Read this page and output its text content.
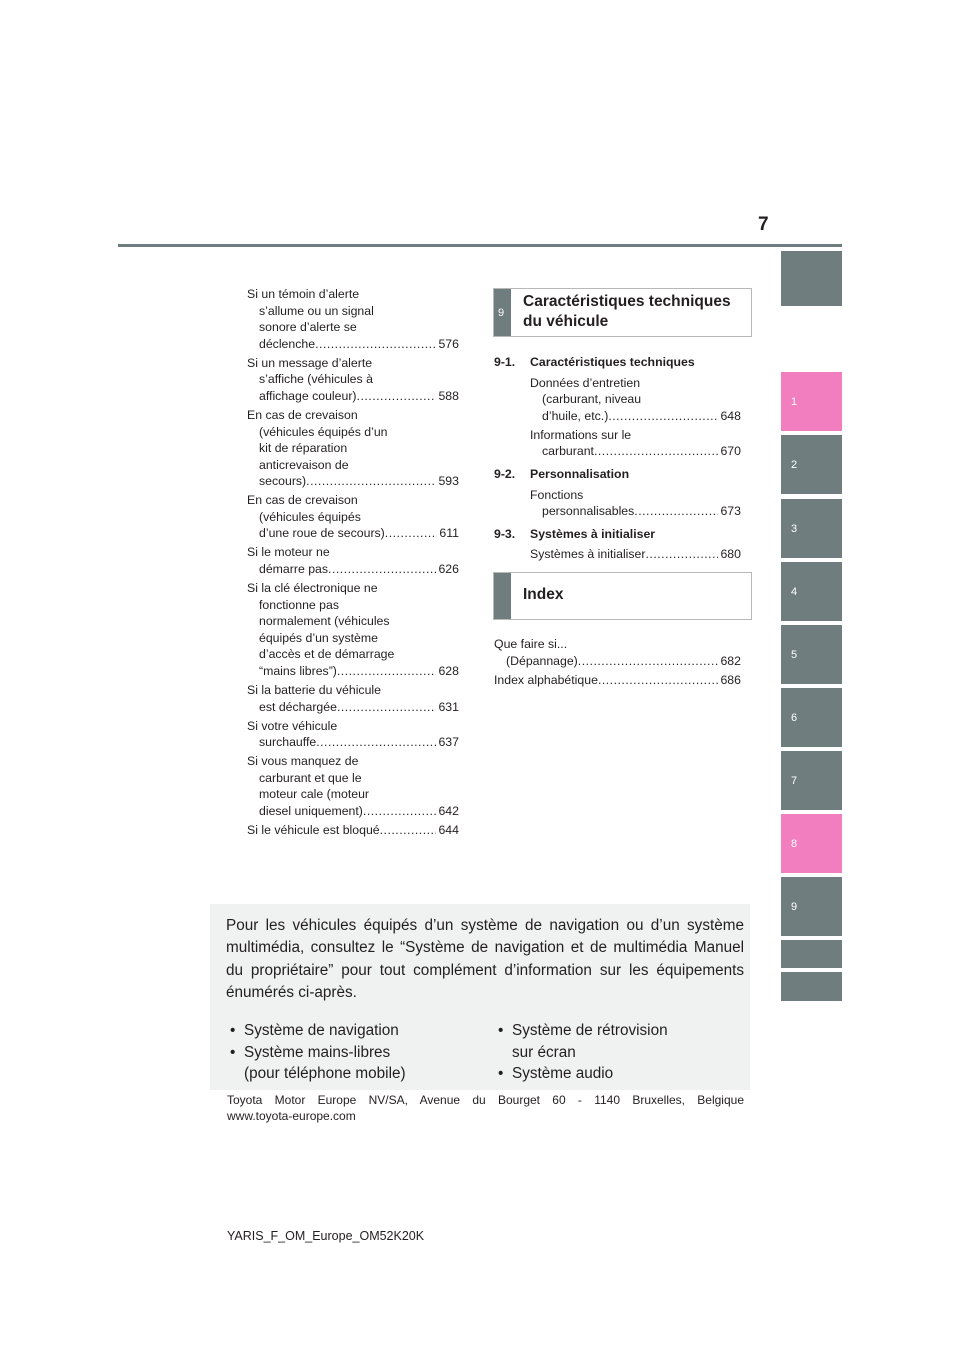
7
1
2
3
4
5
6
7
8
9
Si un témoin d’alerte
s’allume ou un signal
sonore d’alerte se
déclenche .....	576
Si un message d’alerte
s’affiche (véhicules à
affichage couleur) .....	588
En cas de crevaison
(véhicules équipés d’un
kit de réparation
anticrevaison de
secours) .....	593
En cas de crevaison
(véhicules équipés
d’une roue de secours) .....	611
Si le moteur ne
démarre pas .....	626
Si la clé électronique ne
fonctionne pas
normalement (véhicules
équipés d’un système
d’accès et de démarrage
“mains libres”) .....	628
Si la batterie du véhicule
est déchargée .....	631
Si votre véhicule
surchauffe .....	637
Si vous manquez de
carburant et que le
moteur cale (moteur
diesel uniquement) .....	642
Si le véhicule est bloqué .....	644
9
Caractéristiques techniques
du véhicule
9-1. Caractéristiques techniques
Données d’entretien
(carburant, niveau
d’huile, etc.) .....	648
Informations sur le
carburant .....	670
9-2. Personnalisation
Fonctions
personnalisables .....	673
9-3. Systèmes à initialiser
Systèmes à initialiser .....	680
Index
Que faire si...
(Dépannage) .....	682
Index alphabétique .....	686
Pour les véhicules équipés d’un système de navigation ou d’un système multimédia, consultez le “Système de navigation et de multimédia Manuel du propriétaire” pour tout complément d’information sur les équipements énumérés ci-après.
• Système de navigation
• Système mains-libres
(pour téléphone mobile)
• Système de rétrovision
sur écran
• Système audio
Toyota Motor Europe NV/SA, Avenue du Bourget 60 - 1140 Bruxelles, Belgique
www.toyota-europe.com
YARIS_F_OM_Europe_OM52K20K
